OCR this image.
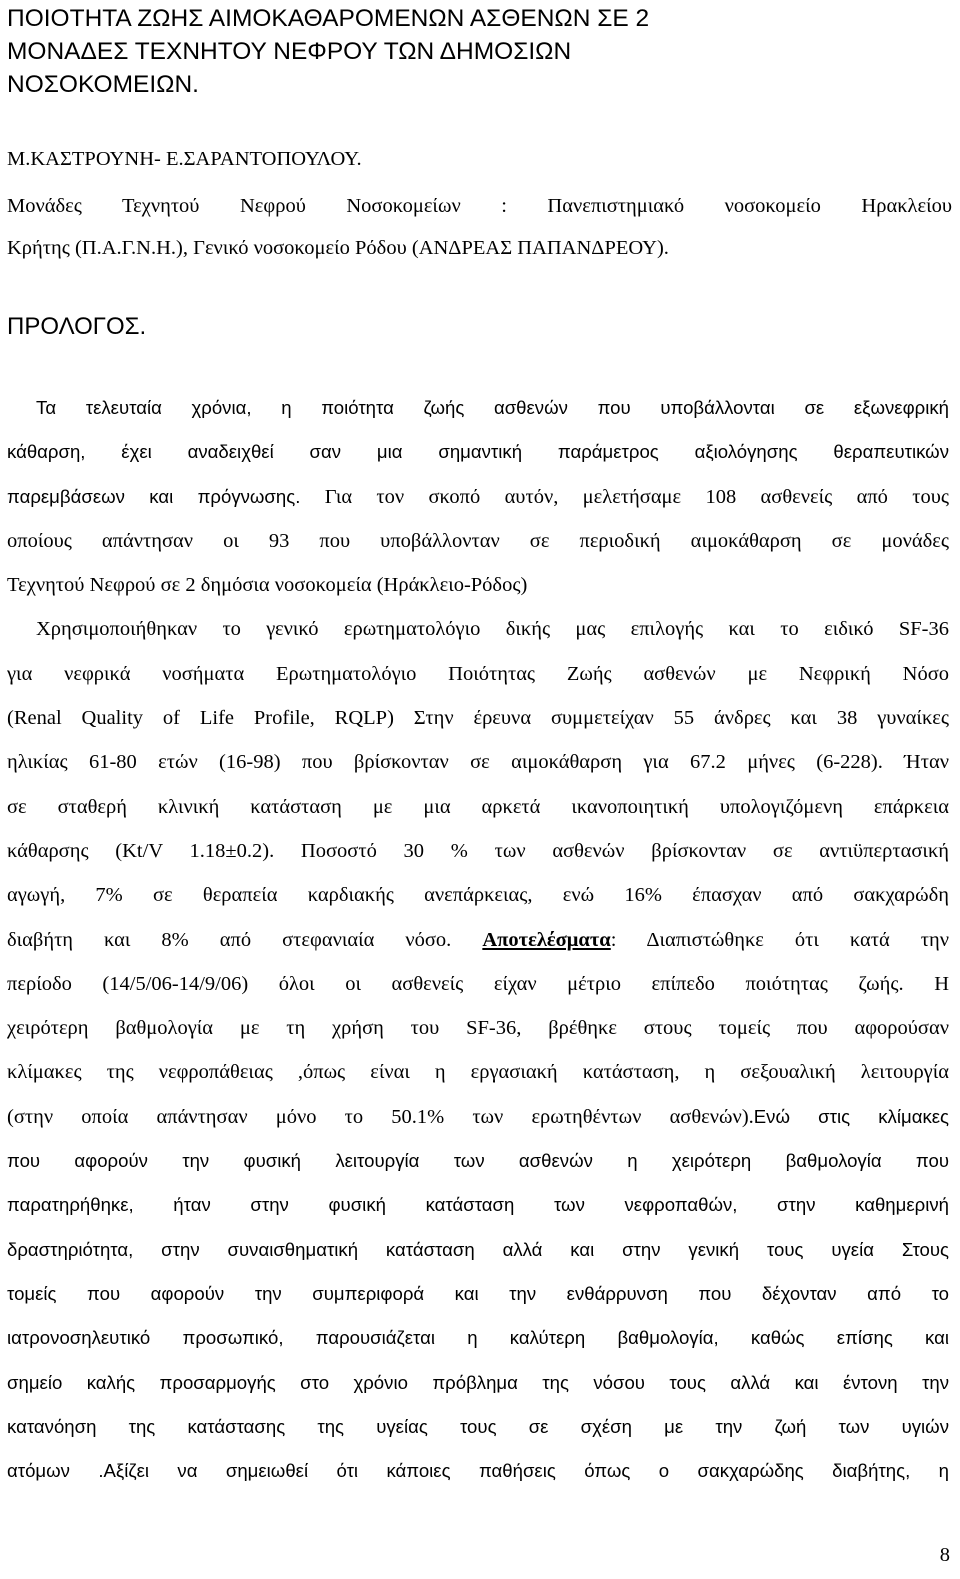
ΠΟΙΟΤΗΤΑ ΖΩΗΣ ΑΙΜΟΚΑΘΑΡΟΜΕΝΩΝ ΑΣΘΕΝΩΝ ΣΕ 2
ΜΟΝΑΔΕΣ ΤΕΧΝΗΤΟΥ ΝΕΦΡΟΥ ΤΩΝ ΔΗΜΟΣΙΩΝ
ΝΟΣΟΚΟΜΕΙΩΝ.

Μ.ΚΑΣΤΡΟΥΝΗ- Ε.ΣΑΡΑΝΤΟΠΟΥΛΟΥ.

Μονάδες Τεχνητού Νεφρού Νοσοκομείων : Πανεπιστημιακό νοσοκομείο Ηρακλείου
Κρήτης (Π.Α.Γ.Ν.Η.), Γενικό νοσοκομείο Ρόδου (ΑΝΔΡΕΑΣ ΠΑΠΑΝΔΡΕΟΥ).

ΠΡΟΛΟΓΟΣ.
Τα τελευταία χρόνια, η ποιότητα ζωής ασθενών που υποβάλλονται σε εξωνεφρική
κάθαρση, έχει αναδειχθεί σαν μια σημαντική παράμετρος αξιολόγησης θεραπευτικών
παρεμβάσεων και πρόγνωσης. Για τον σκοπό αυτόν, μελετήσαμε 108 ασθενείς από τους
οποίους απάντησαν οι 93 που υποβάλλονταν σε περιοδική αιμοκάθαρση σε μονάδες
Τεχνητού Νεφρού σε 2 δημόσια νοσοκομεία (Ηράκλειο-Ρόδος)
Χρησιμοποιήθηκαν το γενικό ερωτηματολόγιο δικής μας επιλογής και το ειδικό SF-36
για νεφρικά νοσήματα Ερωτηματολόγιο Ποιότητας Ζωής ασθενών με Νεφρική Νόσο
(Renal Quality of Life Profile, RQLP) Στην έρευνα συμμετείχαν 55 άνδρες και 38 γυναίκες
ηλικίας 61-80 ετών (16-98) που βρίσκονταν σε αιμοκάθαρση για 67.2 μήνες (6-228). Ήταν
σε σταθερή κλινική κατάσταση με μια αρκετά ικανοποιητική υπολογιζόμενη επάρκεια
κάθαρσης (Kt/V 1.18±0.2). Ποσοστό 30 % των ασθενών βρίσκονταν σε αντιϋπερτασική
αγωγή, 7% σε θεραπεία καρδιακής ανεπάρκειας, ενώ 16% έπασχαν από σακχαρώδη
διαβήτη και 8% από στεφανιαία νόσο. Αποτελέσματα: Διαπιστώθηκε ότι κατά την
περίοδο (14/5/06-14/9/06) όλοι οι ασθενείς είχαν μέτριο επίπεδο ποιότητας ζωής. Η
χειρότερη βαθμολογία με τη χρήση του SF-36, βρέθηκε στους τομείς που αφορούσαν
κλίμακες της νεφροπάθειας ,όπως είναι η εργασιακή κατάσταση, η σεξουαλική λειτουργία
(στην οποία απάντησαν μόνο το 50.1% των ερωτηθέντων ασθενών).Ενώ στις κλίμακες
που αφορούν την φυσική λειτουργία των ασθενών η χειρότερη βαθμολογία που
παρατηρήθηκε, ήταν στην φυσική κατάσταση των νεφροπαθών, στην καθημερινή
δραστηριότητα, στην συναισθηματική κατάσταση αλλά και στην γενική τους υγεία Στους
τομείς που αφορούν την συμπεριφορά και την ενθάρρυνση που δέχονταν από το
ιατρονοσηλευτικό προσωπικό, παρουσιάζεται η καλύτερη βαθμολογία, καθώς επίσης και
σημείο καλής προσαρμογής στο χρόνιο πρόβλημα της νόσου τους αλλά και έντονη την
κατανόηση της κατάστασης της υγείας τους σε σχέση με την ζωή των υγιών
ατόμων .Αξίζει να σημειωθεί ότι κάποιες παθήσεις όπως ο σακχαρώδης διαβήτης, η
8
